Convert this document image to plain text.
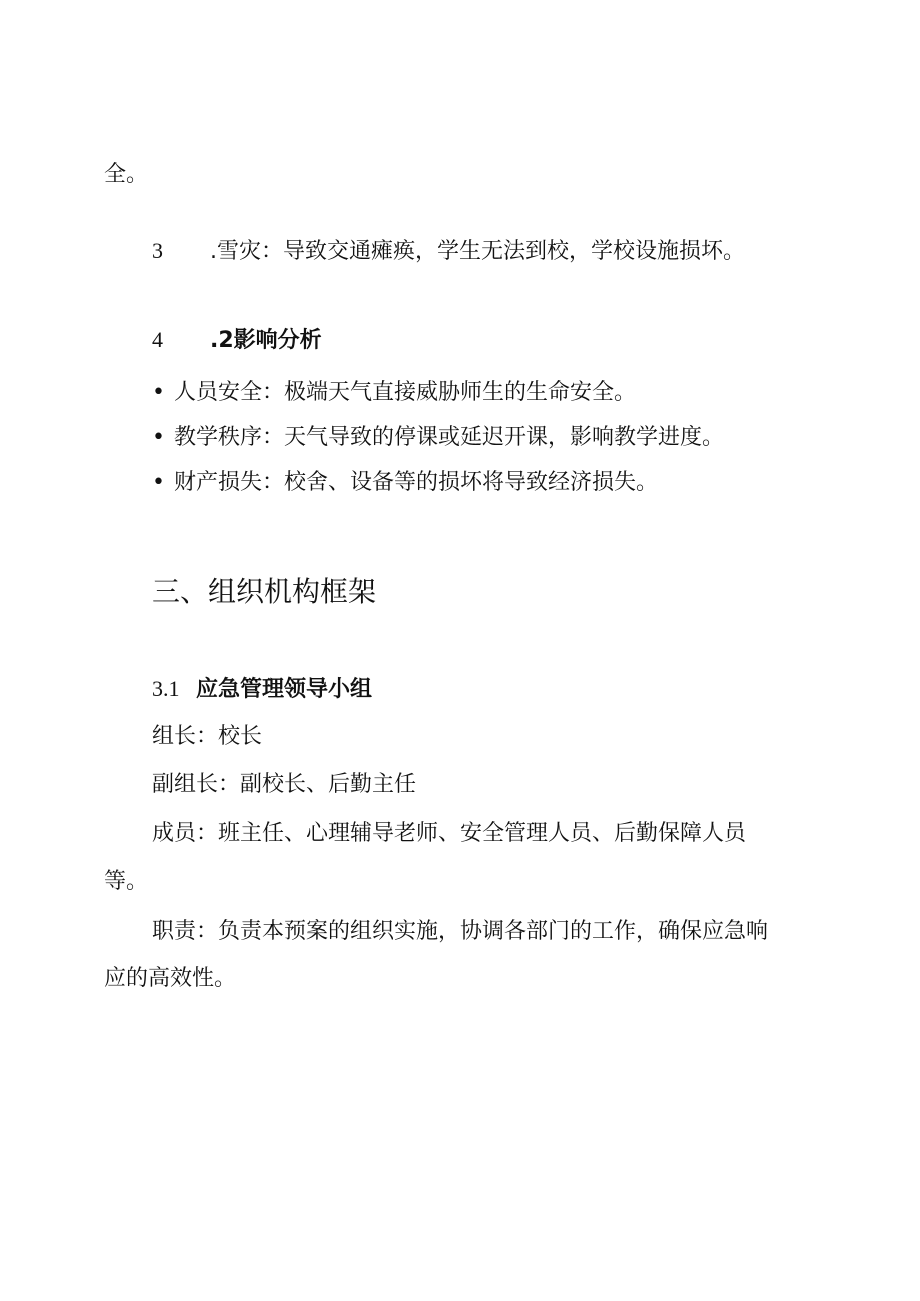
全。
3 .雪灾：导致交通瘫痪，学生无法到校，学校设施损坏。
4 .2影响分析
• 人员安全：极端天气直接威胁师生的生命安全。
• 教学秩序：天气导致的停课或延迟开课，影响教学进度。
• 财产损失：校舍、设备等的损坏将导致经济损失。
三、组织机构框架
3.1 应急管理领导小组
组长：校长
副组长：副校长、后勤主任
成员：班主任、心理辅导老师、安全管理人员、后勤保障人员
等。
职责：负责本预案的组织实施，协调各部门的工作，确保应急响
应的高效性。
